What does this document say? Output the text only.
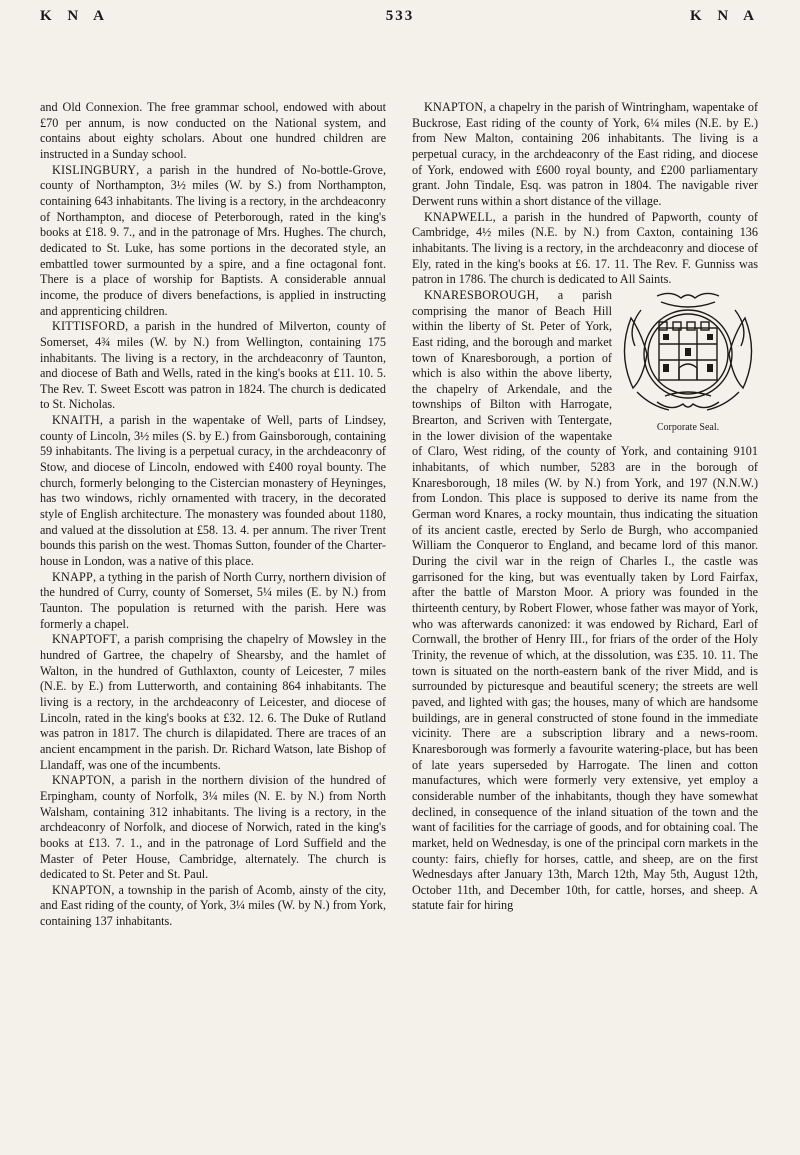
K N A	533	K N A

and Old Connexion. The free grammar school, endowed with about £70 per annum, is now conducted on the National system, and contains about eighty scholars. About one hundred children are instructed in a Sunday school.

KISLINGBURY, a parish in the hundred of No-bottle-Grove, county of Northampton, 3½ miles (W. by S.) from Northampton, containing 643 inhabitants. The living is a rectory, in the archdeaconry of Northampton, and diocese of Peterborough, rated in the king's books at £18. 9. 7., and in the patronage of Mrs. Hughes. The church, dedicated to St. Luke, has some portions in the decorated style, an embattled tower surmounted by a spire, and a fine octagonal font. There is a place of worship for Baptists. A considerable annual income, the produce of divers benefactions, is applied in instructing and apprenticing children.

KITTISFORD, a parish in the hundred of Milverton, county of Somerset, 4¾ miles (W. by N.) from Wellington, containing 175 inhabitants. The living is a rectory, in the archdeaconry of Taunton, and diocese of Bath and Wells, rated in the king's books at £11. 10. 5. The Rev. T. Sweet Escott was patron in 1824. The church is dedicated to St. Nicholas.

KNAITH, a parish in the wapentake of Well, parts of Lindsey, county of Lincoln, 3½ miles (S. by E.) from Gainsborough, containing 59 inhabitants. The living is a perpetual curacy, in the archdeaconry of Stow, and diocese of Lincoln, endowed with £400 royal bounty. The church, formerly belonging to the Cistercian monastery of Heyninges, has two windows, richly ornamented with tracery, in the decorated style of English architecture. The monastery was founded about 1180, and valued at the dissolution at £58. 13. 4. per annum. The river Trent bounds this parish on the west. Thomas Sutton, founder of the Charter-house in London, was a native of this place.

KNAPP, a tything in the parish of North Curry, northern division of the hundred of Curry, county of Somerset, 5¼ miles (E. by N.) from Taunton. The population is returned with the parish. Here was formerly a chapel.

KNAPTOFT, a parish comprising the chapelry of Mowsley in the hundred of Gartree, the chapelry of Shearsby, and the hamlet of Walton, in the hundred of Guthlaxton, county of Leicester, 7 miles (N.E. by E.) from Lutterworth, and containing 864 inhabitants. The living is a rectory, in the archdeaconry of Leicester, and diocese of Lincoln, rated in the king's books at £32. 12. 6. The Duke of Rutland was patron in 1817. The church is dilapidated. There are traces of an ancient encampment in the parish. Dr. Richard Watson, late Bishop of Llandaff, was one of the incumbents.

KNAPTON, a parish in the northern division of the hundred of Erpingham, county of Norfolk, 3¼ miles (N. E. by N.) from North Walsham, containing 312 inhabitants. The living is a rectory, in the archdeaconry of Norfolk, and diocese of Norwich, rated in the king's books at £13. 7. 1., and in the patronage of Lord Suffield and the Master of Peter House, Cambridge, alternately. The church is dedicated to St. Peter and St. Paul.

KNAPTON, a township in the parish of Acomb, ainsty of the city, and East riding of the county, of York, 3¼ miles (W. by N.) from York, containing 137 inhabitants.

KNAPTON, a chapelry in the parish of Wintringham, wapentake of Buckrose, East riding of the county of York, 6¼ miles (N.E. by E.) from New Malton, containing 206 inhabitants. The living is a perpetual curacy, in the archdeaconry of the East riding, and diocese of York, endowed with £600 royal bounty, and £200 parliamentary grant. John Tindale, Esq. was patron in 1804. The navigable river Derwent runs within a short distance of the village.

KNAPWELL, a parish in the hundred of Papworth, county of Cambridge, 4½ miles (N.E. by N.) from Caxton, containing 136 inhabitants. The living is a rectory, in the archdeaconry and diocese of Ely, rated in the king's books at £6. 17. 11. The Rev. F. Gunniss was patron in 1786. The church is dedicated to All Saints.

Corporate Seal.

KNARESBOROUGH, a parish comprising the manor of Beach Hill within the liberty of St. Peter of York, East riding, and the borough and market town of Knaresborough, a portion of which is also within the above liberty, the chapelry of Arkendale, and the townships of Bilton with Harrogate, Brearton, and Scriven with Tentergate, in the lower division of the wapentake of Claro, West riding, of the county of York, and containing 9101 inhabitants, of which number, 5283 are in the borough of Knaresborough, 18 miles (W. by N.) from York, and 197 (N.N.W.) from London. This place is supposed to derive its name from the German word Knares, a rocky mountain, thus indicating the situation of its ancient castle, erected by Serlo de Burgh, who accompanied William the Conqueror to England, and became lord of this manor. During the civil war in the reign of Charles I., the castle was garrisoned for the king, but was eventually taken by Lord Fairfax, after the battle of Marston Moor. A priory was founded in the thirteenth century, by Robert Flower, whose father was mayor of York, who was afterwards canonized: it was endowed by Richard, Earl of Cornwall, the brother of Henry III., for friars of the order of the Holy Trinity, the revenue of which, at the dissolution, was £35. 10. 11. The town is situated on the north-eastern bank of the river Midd, and is surrounded by picturesque and beautiful scenery; the streets are well paved, and lighted with gas; the houses, many of which are handsome buildings, are in general constructed of stone found in the immediate vicinity. There are a subscription library and a news-room. Knaresborough was formerly a favourite watering-place, but has been of late years superseded by Harrogate. The linen and cotton manufactures, which were formerly very extensive, yet employ a considerable number of the inhabitants, though they have somewhat declined, in consequence of the inland situation of the town and the want of facilities for the carriage of goods, and for obtaining coal. The market, held on Wednesday, is one of the principal corn markets in the county: fairs, chiefly for horses, cattle, and sheep, are on the first Wednesdays after January 13th, March 12th, May 5th, August 12th, October 11th, and December 10th, for cattle, horses, and sheep. A statute fair for hiring
